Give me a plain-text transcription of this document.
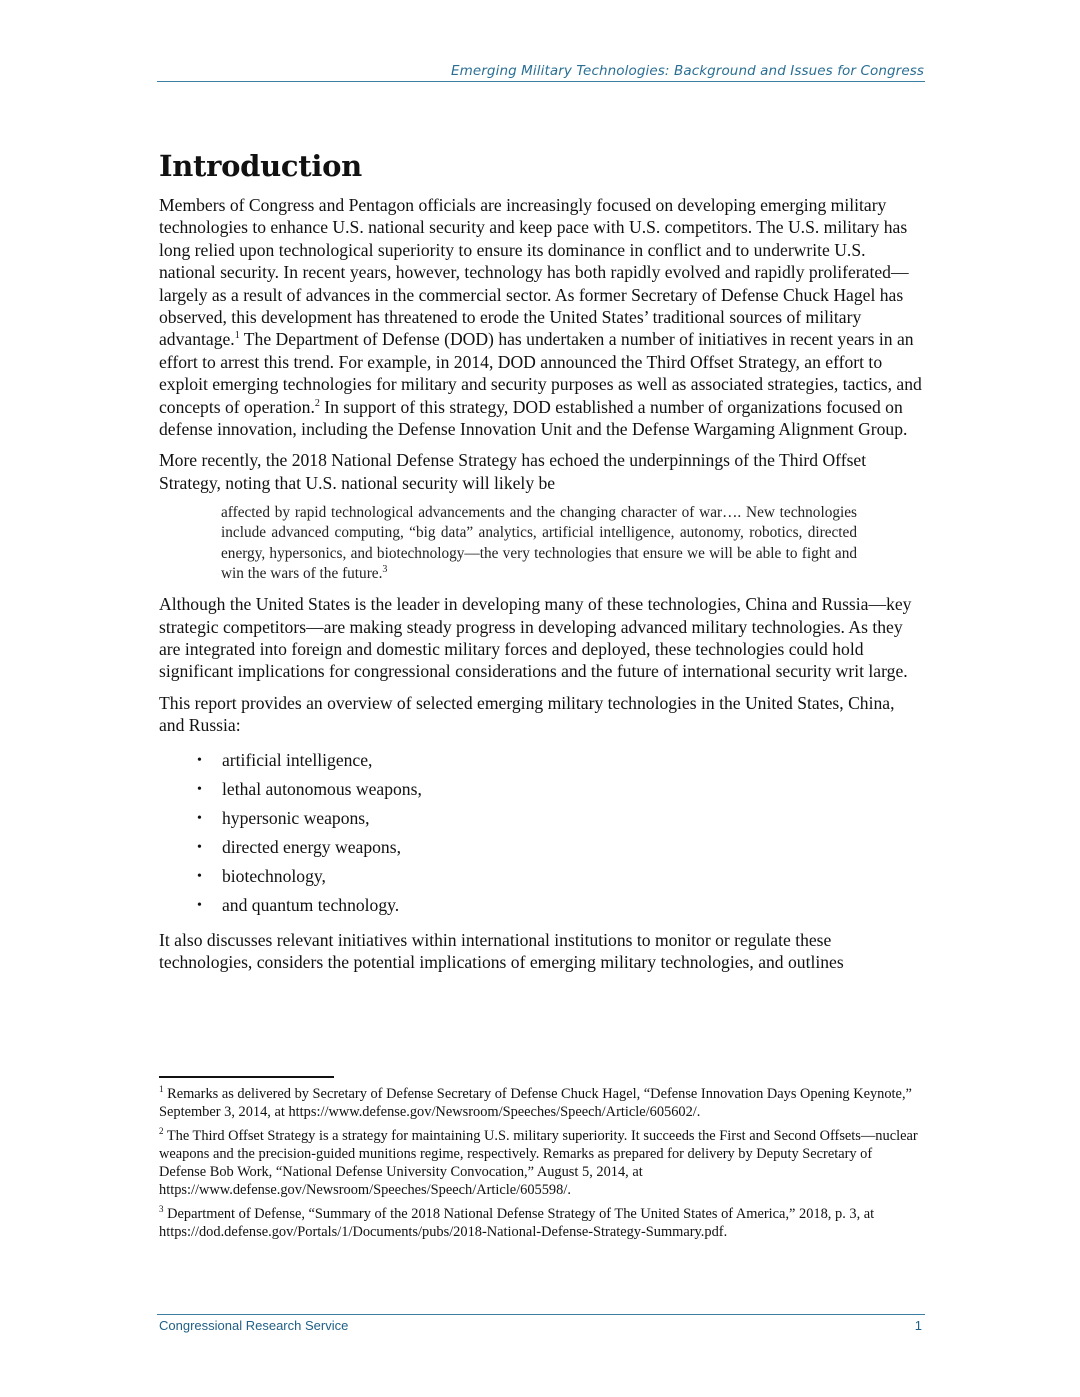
Emerging Military Technologies: Background and Issues for Congress
Introduction

Members of Congress and Pentagon officials are increasingly focused on developing emerging military technologies to enhance U.S. national security and keep pace with U.S. competitors. The U.S. military has long relied upon technological superiority to ensure its dominance in conflict and to underwrite U.S. national security. In recent years, however, technology has both rapidly evolved and rapidly proliferated—largely as a result of advances in the commercial sector. As former Secretary of Defense Chuck Hagel has observed, this development has threatened to erode the United States’ traditional sources of military advantage.$^1$ The Department of Defense (DOD) has undertaken a number of initiatives in recent years in an effort to arrest this trend. For example, in 2014, DOD announced the Third Offset Strategy, an effort to exploit emerging technologies for military and security purposes as well as associated strategies, tactics, and concepts of operation.$^2$ In support of this strategy, DOD established a number of organizations focused on defense innovation, including the Defense Innovation Unit and the Defense Wargaming Alignment Group.

More recently, the 2018 National Defense Strategy has echoed the underpinnings of the Third Offset Strategy, noting that U.S. national security will likely be

affected by rapid technological advancements and the changing character of war…. New technologies include advanced computing, “big data” analytics, artificial intelligence, autonomy, robotics, directed energy, hypersonics, and biotechnology—the very technologies that ensure we will be able to fight and win the wars of the future.$^3$

Although the United States is the leader in developing many of these technologies, China and Russia—key strategic competitors—are making steady progress in developing advanced military technologies. As they are integrated into foreign and domestic military forces and deployed, these technologies could hold significant implications for congressional considerations and the future of international security writ large.

This report provides an overview of selected emerging military technologies in the United States, China, and Russia:

• artificial intelligence,
• lethal autonomous weapons,
• hypersonic weapons,
• directed energy weapons,
• biotechnology,
• and quantum technology.

It also discusses relevant initiatives within international institutions to monitor or regulate these technologies, considers the potential implications of emerging military technologies, and outlines

$^1$ Remarks as delivered by Secretary of Defense Secretary of Defense Chuck Hagel, “Defense Innovation Days Opening Keynote,” September 3, 2014, at https://www.defense.gov/Newsroom/Speeches/Speech/Article/605602/.

$^2$ The Third Offset Strategy is a strategy for maintaining U.S. military superiority. It succeeds the First and Second Offsets—nuclear weapons and the precision-guided munitions regime, respectively. Remarks as prepared for delivery by Deputy Secretary of Defense Bob Work, “National Defense University Convocation,” August 5, 2014, at https://www.defense.gov/Newsroom/Speeches/Speech/Article/605598/.

$^3$ Department of Defense, “Summary of the 2018 National Defense Strategy of The United States of America,” 2018, p. 3, at https://dod.defense.gov/Portals/1/Documents/pubs/2018-National-Defense-Strategy-Summary.pdf.

Congressional Research Service	1
